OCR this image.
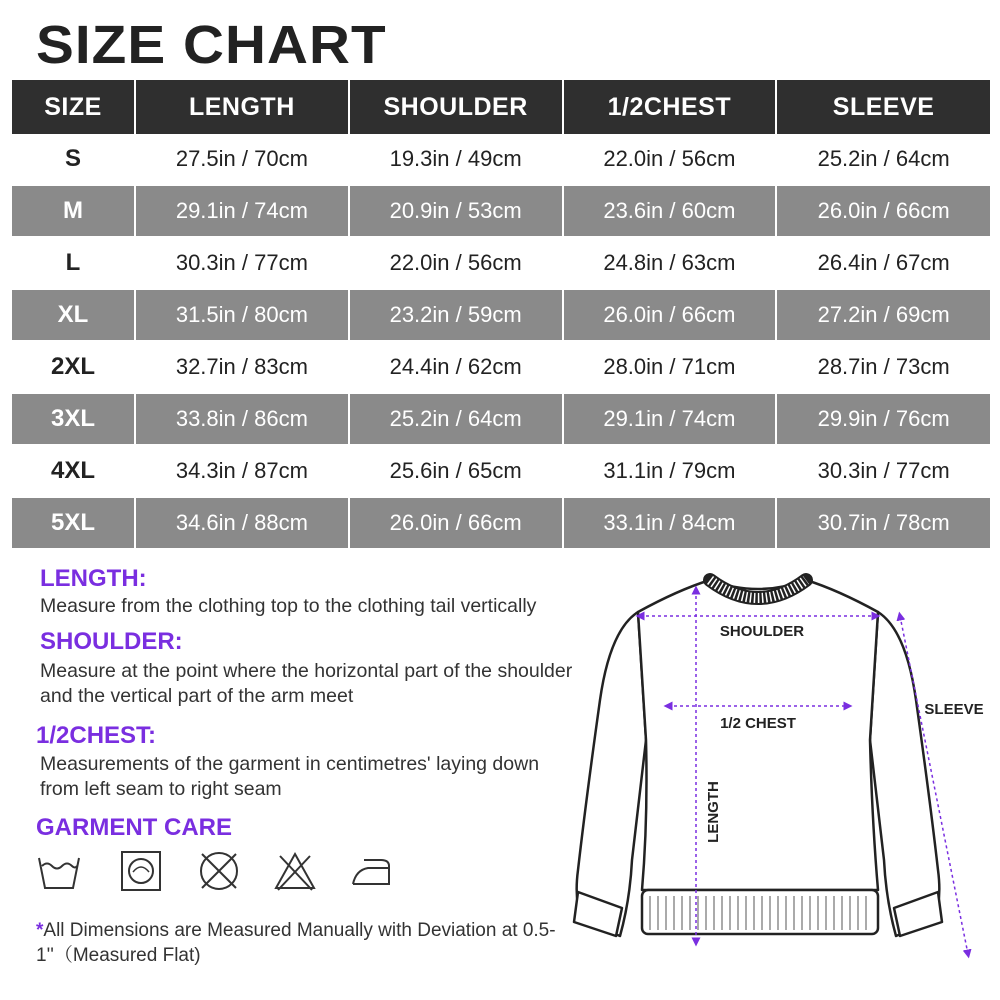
SIZE CHART
SIZE	LENGTH	SHOULDER	1/2CHEST	SLEEVE
S	27.5in / 70cm	19.3in / 49cm	22.0in / 56cm	25.2in / 64cm

M	29.1in / 74cm	20.9in / 53cm	23.6in / 60cm	26.0in / 66cm

L	30.3in / 77cm	22.0in / 56cm	24.8in / 63cm	26.4in / 67cm

XL	31.5in / 80cm	23.2in / 59cm	26.0in / 66cm	27.2in / 69cm

2XL	32.7in / 83cm	24.4in / 62cm	28.0in / 71cm	28.7in / 73cm

3XL	33.8in / 86cm	25.2in / 64cm	29.1in / 74cm	29.9in / 76cm

4XL	34.3in / 87cm	25.6in / 65cm	31.1in / 79cm	30.3in / 77cm

5XL	34.6in / 88cm	26.0in / 66cm	33.1in / 84cm	30.7in / 78cm
LENGTH:
Measure from the clothing top to the clothing tail vertically
SHOULDER:
Measure at the point where the horizontal part of the shoulder and the vertical part of the arm meet
1/2CHEST:
Measurements of the garment in centimetres' laying down from left seam to right seam
GARMENT CARE
*All Dimensions are Measured Manually with Deviation at 0.5-1''（Measured Flat)
SHOULDER
1/2 CHEST
LENGTH
SLEEVE
